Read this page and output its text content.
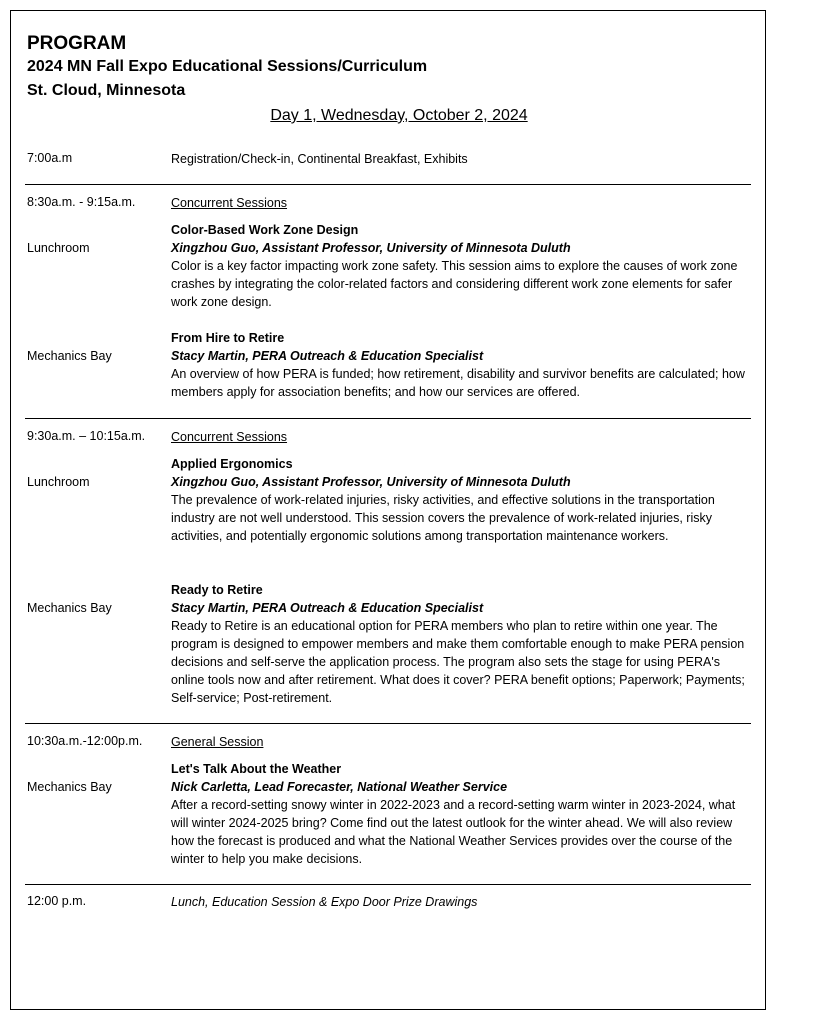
PROGRAM
2024 MN Fall Expo Educational Sessions/Curriculum
St. Cloud, Minnesota
Day 1, Wednesday, October 2, 2024
7:00a.m	Registration/Check-in, Continental Breakfast, Exhibits
8:30a.m. - 9:15a.m.	Concurrent Sessions
Lunchroom
Color-Based Work Zone Design
Xingzhou Guo, Assistant Professor, University of Minnesota Duluth
Color is a key factor impacting work zone safety. This session aims to explore the causes of work zone crashes by integrating the color-related factors and considering different work zone elements for safer work zone design.
Mechanics Bay
From Hire to Retire
Stacy Martin, PERA Outreach & Education Specialist
An overview of how PERA is funded; how retirement, disability and survivor benefits are calculated; how members apply for association benefits; and how our services are offered.
9:30a.m. – 10:15a.m. Concurrent Sessions
Lunchroom
Applied Ergonomics
Xingzhou Guo, Assistant Professor, University of Minnesota Duluth
The prevalence of work-related injuries, risky activities, and effective solutions in the transportation industry are not well understood. This session covers the prevalence of work-related injuries, risky activities, and potentially ergonomic solutions among transportation maintenance workers.
Mechanics Bay
Ready to Retire
Stacy Martin, PERA Outreach & Education Specialist
Ready to Retire is an educational option for PERA members who plan to retire within one year. The program is designed to empower members and make them comfortable enough to make PERA pension decisions and self-serve the application process. The program also sets the stage for using PERA's online tools now and after retirement. What does it cover? PERA benefit options; Paperwork; Payments; Self-service; Post-retirement.
10:30a.m.-12:00p.m. General Session
Mechanics Bay
Let's Talk About the Weather
Nick Carletta, Lead Forecaster, National Weather Service
After a record-setting snowy winter in 2022-2023 and a record-setting warm winter in 2023-2024, what will winter 2024-2025 bring? Come find out the latest outlook for the winter ahead. We will also review how the forecast is produced and what the National Weather Services provides over the course of the winter to help you make decisions.
12:00 p.m.	Lunch, Education Session & Expo Door Prize Drawings
